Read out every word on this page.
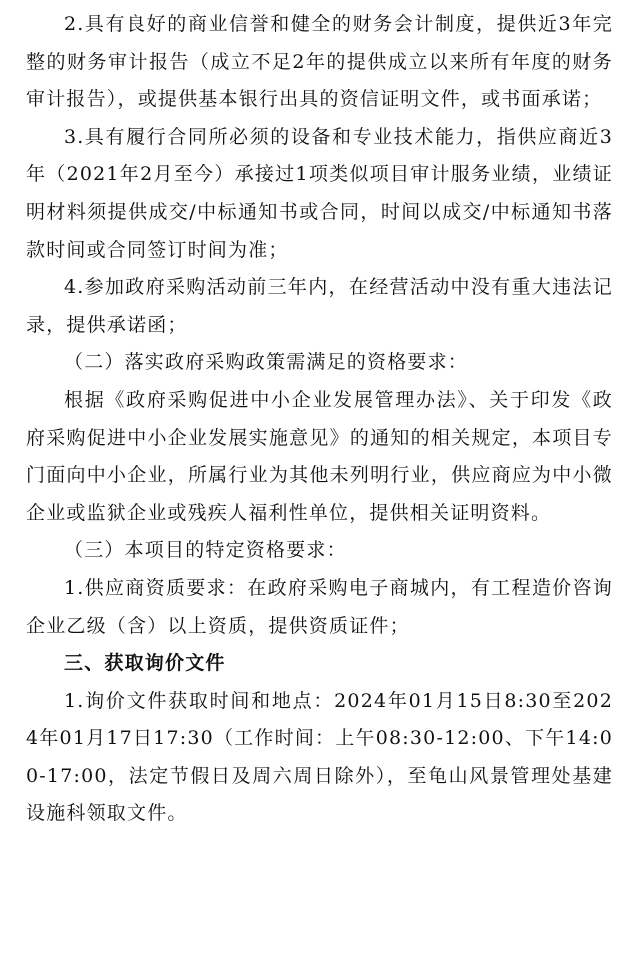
2.具有良好的商业信誉和健全的财务会计制度，提供近3年完整的财务审计报告（成立不足2年的提供成立以来所有年度的财务审计报告），或提供基本银行出具的资信证明文件，或书面承诺；

3.具有履行合同所必须的设备和专业技术能力，指供应商近3年（2021年2月至今）承接过1项类似项目审计服务业绩，业绩证明材料须提供成交/中标通知书或合同，时间以成交/中标通知书落款时间或合同签订时间为准；

4.参加政府采购活动前三年内，在经营活动中没有重大违法记录，提供承诺函；

（二）落实政府采购政策需满足的资格要求：

根据《政府采购促进中小企业发展管理办法》、关于印发《政府采购促进中小企业发展实施意见》的通知的相关规定，本项目专门面向中小企业，所属行业为其他未列明行业，供应商应为中小微企业或监狱企业或残疾人福利性单位，提供相关证明资料。

（三）本项目的特定资格要求：

1.供应商资质要求：在政府采购电子商城内，有工程造价咨询企业乙级（含）以上资质，提供资质证件；

三、获取询价文件

1.询价文件获取时间和地点：2024年01月15日8:30至2024年01月17日17:30（工作时间：上午08:30-12:00、下午14:00-17:00，法定节假日及周六周日除外），至龟山风景管理处基建设施科领取文件。
